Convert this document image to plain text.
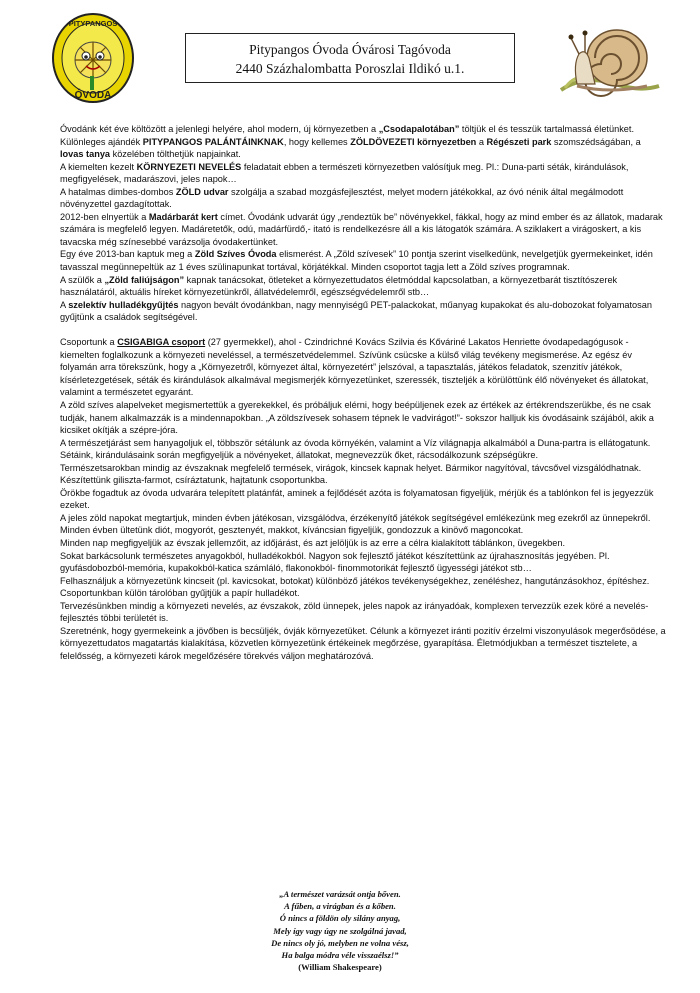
PITYPANGOS
ÓVODA
Pitypangos Óvoda Óvárosi Tagóvoda
2440 Százhalombatta Poroszlai Ildikó u.1.

Óvodánk két éve költözött a jelenlegi helyére, ahol modern, új környezetben a „Csodapalotában” töltjük el és tesszük tartalmassá életünket.

Különleges ajándék PITYPANGOS PALÁNTÁINKNAK, hogy kellemes ZÖLDÖVEZETI környezetben a Régészeti park szomszédságában, a lovas tanya közelében tölthetjük napjainkat.

A kiemelten kezelt KÖRNYEZETI NEVELÉS feladatait ebben a természeti környezetben valósítjuk meg. Pl.: Duna-parti séták, kirándulások, megfigyelések, madarászovi, jeles napok…

A hatalmas dimbes-dombos ZÖLD udvar szolgálja a szabad mozgásfejlesztést, melyet modern játékokkal, az óvó nénik által megálmodott növényzettel gazdagítottak.

2012-ben elnyertük a Madárbarát kert címet. Óvodánk udvarát úgy „rendeztük be” növényekkel, fákkal, hogy az mind ember és az állatok, madarak számára is megfelelő legyen. Madáretetők, odú, madárfürdő,- itató is rendelkezésre áll a kis látogatók számára. A sziklakert a virágoskert, a kis tavacska még színesebbé varázsolja óvodakertünket.

Egy éve 2013-ban kaptuk meg a Zöld Szíves Óvoda elismerést. A „Zöld szívesek” 10 pontja szerint viselkedünk, nevelgetjük gyermekeinket, idén tavasszal megünnepeltük az 1 éves szülinapunkat tortával, körjátékkal. Minden csoportot tagja lett a Zöld szíves programnak.

A szülők a „Zöld faliújságon” kapnak tanácsokat, ötleteket a környezettudatos életmóddal kapcsolatban, a környezetbarát tisztítószerek használatáról, aktuális híreket környezetünkről, állatvédelemről, egészségvédelemről stb…

A szelektív hulladékgyűjtés nagyon bevált óvodánkban, nagy mennyiségű PET-palackokat, műanyag kupakokat és alu-dobozokat folyamatosan gyűjtünk a családok segítségével.

Csoportunk a CSIGABIGA csoport (27 gyermekkel), ahol - Czindrichné Kovács Szilvia és Kőváriné Lakatos Henriette óvodapedagógusok - kiemelten foglalkozunk a környezeti neveléssel, a természetvédelemmel. Szívünk csücske a külső világ tevékeny megismerése. Az egész év folyamán arra törekszünk, hogy a „Környezetről, környezet által, környezetért” jelszóval, a tapasztalás, játékos feladatok, szenzitív játékok, kísérletezgetések, séták és kirándulások alkalmával megismerjék környezetünket, szeressék, tiszteljék a körülöttünk élő növényeket és állatokat, valamint a természetet egyaránt.

A zöld szíves alapelveket megismertettük a gyerekekkel, és próbáljuk elérni, hogy beépüljenek ezek az értékek az értékrendszerükbe, és ne csak tudják, hanem alkalmazzák is a mindennapokban. „A zöldszívesek sohasem tépnek le vadvirágot!”- sokszor halljuk kis óvodásaink szájából, akik a kicsiket okítják a szépre-jóra.

A természetjárást sem hanyagoljuk el, többször sétálunk az óvoda környékén, valamint a Víz világnapja alkalmából a Duna-partra is ellátogatunk.

Sétáink, kirándulásaink során megfigyeljük a növényeket, állatokat, megnevezzük őket, rácsodálkozunk szépségükre.

Természetsarokban mindig az évszaknak megfelelő termések, virágok, kincsek kapnak helyet. Bármikor nagyítóval, távcsővel vizsgálódhatnak. Készítettünk giliszta-farmot, csíráztatunk, hajtatunk csoportunkba.

Örökbe fogadtuk az óvoda udvarára telepített platánfát, aminek a fejlődését azóta is folyamatosan figyeljük, mérjük és a tablónkon fel is jegyezzük ezeket.

A jeles zöld napokat megtartjuk, minden évben játékosan, vizsgálódva, érzékenyítő játékok segítségével emlékezünk meg ezekről az ünnepekről.

Minden évben ültetünk diót, mogyorót, gesztenyét, makkot, kíváncsian figyeljük, gondozzuk a kinövő magoncokat.

Minden nap megfigyeljük az évszak jellemzőit, az időjárást, és azt jelöljük is az erre a célra kialakított táblánkon, üvegekben.

Sokat barkácsolunk természetes anyagokból, hulladékokból. Nagyon sok fejlesztő játékot készítettünk az újrahasznosítás jegyében. Pl. gyufásdobozból-memória, kupakokból-katica számláló, flakonokból- finommotorikát fejlesztő ügyességi játékot stb…

Felhasználjuk a környezetünk kincseit (pl. kavicsokat, botokat) különböző játékos tevékenységekhez, zenéléshez, hangutánzásokhoz, építéshez.

Csoportunkban külön tárolóban gyűjtjük a papír hulladékot.

Tervezésünkben mindig a környezeti nevelés, az évszakok, zöld ünnepek, jeles napok az irányadóak, komplexen tervezzük ezek köré a nevelés-fejlesztés többi területét is.

Szeretnénk, hogy gyermekeink a jövőben is becsüljék, óvják környezetüket. Célunk a környezet iránti pozitív érzelmi viszonyulások megerősödése, a környezettudatos magatartás kialakítása, közvetlen környezetünk értékeinek megőrzése, gyarapítása. Életmódjukban a természet tisztelete, a felelősség, a környezeti károk megelőzésére törekvés váljon meghatározóvá.

„A természet varázsát ontja bőven.
A fűben, a virágban és a kőben.
Ó nincs a földön oly silány anyag,
Mely így vagy úgy ne szolgálná javad,
De nincs oly jó, melyben ne volna vész,
Ha balga módra véle visszaélsz!”
(William Shakespeare)
